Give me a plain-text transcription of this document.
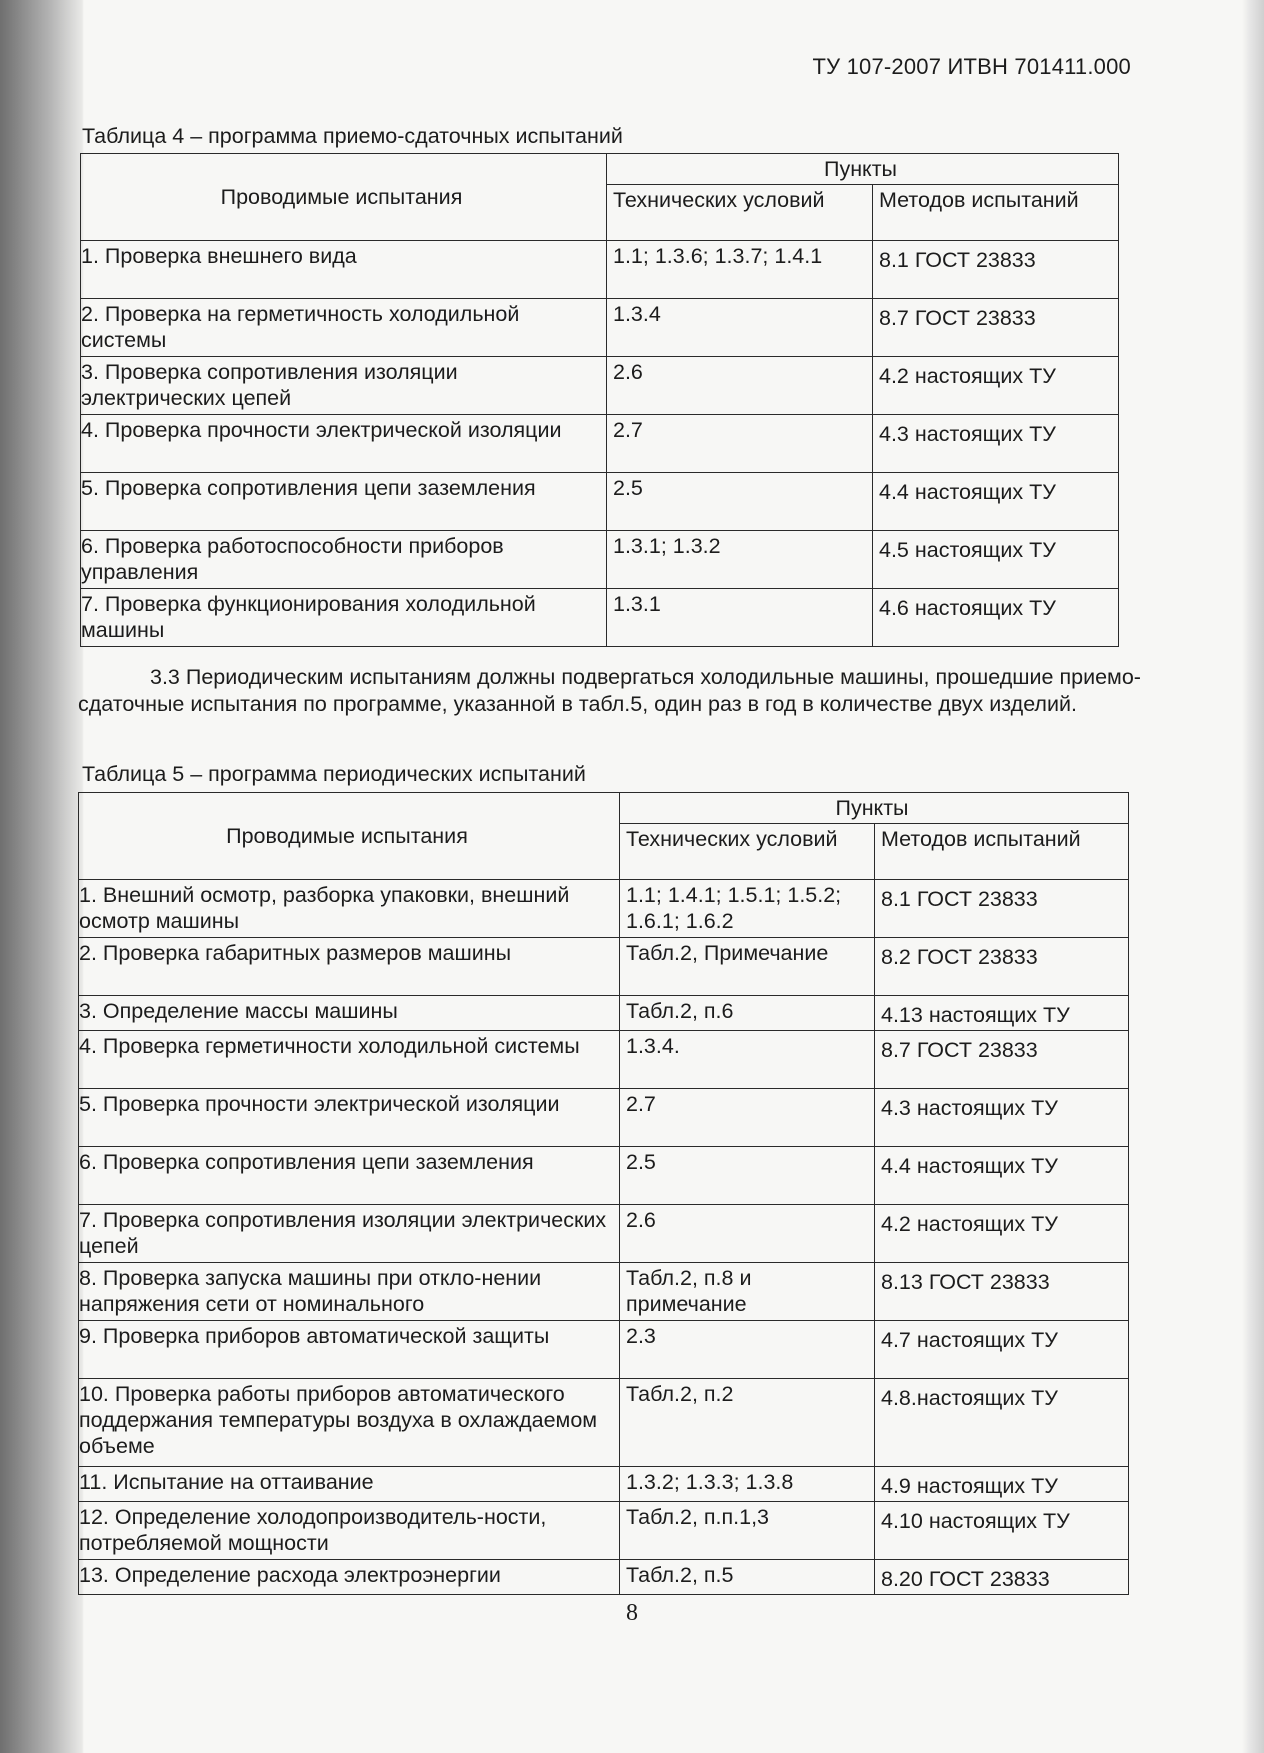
ТУ 107-2007 ИТВН 701411.000
Таблица 4 – программа приемо-сдаточных испытаний
Проводимые испытания	Пункты	
	Технических условий	Методов испытаний
1. Проверка внешнего вида	1.1; 1.3.6; 1.3.7; 1.4.1	8.1 ГОСТ 23833
2. Проверка на герметичность холодильной системы	1.3.4	8.7 ГОСТ 23833
3. Проверка сопротивления изоляции электрических цепей	2.6	4.2 настоящих ТУ
4. Проверка прочности электрической изоляции	2.7	4.3 настоящих ТУ
5. Проверка сопротивления цепи заземления	2.5	4.4 настоящих ТУ
6. Проверка работоспособности приборов управления	1.3.1; 1.3.2	4.5 настоящих ТУ
7. Проверка функционирования холодильной машины	1.3.1	4.6 настоящих ТУ
3.3 Периодическим испытаниям должны подвергаться холодильные машины, прошедшие приемо-сдаточные испытания по программе, указанной в табл.5, один раз в год в количестве двух изделий.
Таблица 5 – программа периодических испытаний
Проводимые испытания	Пункты	
	Технических условий	Методов испытаний
1. Внешний осмотр, разборка упаковки, внешний осмотр машины	1.1; 1.4.1; 1.5.1; 1.5.2; 1.6.1; 1.6.2	8.1 ГОСТ 23833
2. Проверка габаритных размеров машины	Табл.2, Примечание	8.2 ГОСТ 23833
3. Определение массы машины	Табл.2, п.6	4.13 настоящих ТУ
4. Проверка герметичности холодильной системы	1.3.4.	8.7 ГОСТ 23833
5. Проверка прочности электрической изоляции	2.7	4.3 настоящих ТУ
6. Проверка сопротивления цепи заземления	2.5	4.4 настоящих ТУ
7. Проверка сопротивления изоляции электрических цепей	2.6	4.2 настоящих ТУ
8. Проверка запуска машины при откло-нении напряжения сети от номинального	Табл.2, п.8 и примечание	8.13 ГОСТ 23833
9. Проверка приборов автоматической защиты	2.3	4.7 настоящих ТУ
10. Проверка работы приборов автоматического поддержания температуры воздуха в охлаждаемом объеме	Табл.2, п.2	4.8.настоящих ТУ
11. Испытание на оттаивание	1.3.2; 1.3.3; 1.3.8	4.9 настоящих ТУ
12. Определение холодопроизводитель-ности, потребляемой мощности	Табл.2, п.п.1,3	4.10 настоящих ТУ
13. Определение расхода электроэнергии	Табл.2, п.5	8.20 ГОСТ 23833
8
